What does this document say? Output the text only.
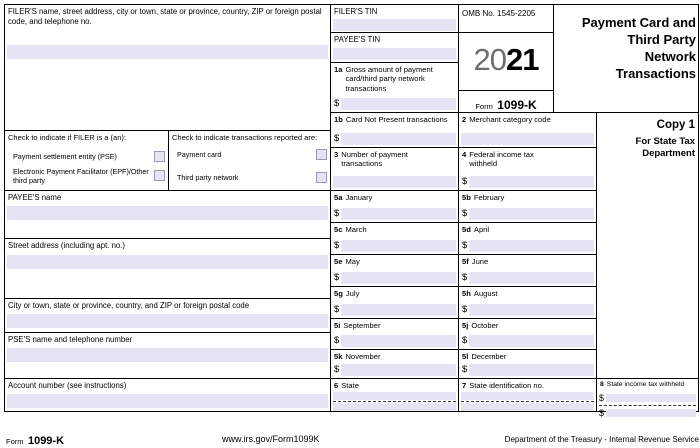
FILER'S name, street address, city or town, state or province, country, ZIP or foreign postal code, and telephone no.
Check to indicate if FILER is a (an):
Payment settlement entity (PSE)
Electronic Payment Facilitator (EPF)/Other third party
Check to indicate transactions reported are:
Payment card
Third party network
PAYEE'S name
Street address (including apt. no.)
City or town, state or province, country, and ZIP or foreign postal code
PSE'S name and telephone number
Account number (see instructions)
FILER'S TIN
PAYEE'S TIN
1a Gross amount of payment card/third party network transactions
$
1b Card Not Present transactions
$
3 Number of payment transactions
5a January
$
5c March
$
5e May
$
5g July
$
5i September
$
5k November
$
6 State
OMB No. 1545-2205
2021
Form 1099-K
Payment Card and Third Party Network Transactions
2 Merchant category code
4 Federal income tax withheld
$
5b February
$
5d April
$
5f June
$
5h August
$
5j October
$
5l December
$
7 State identification no.
Copy 1
For State Tax Department
8 State income tax withheld
$
$
Form 1099-K	www.irs.gov/Form1099K	Department of the Treasury - Internal Revenue Service
